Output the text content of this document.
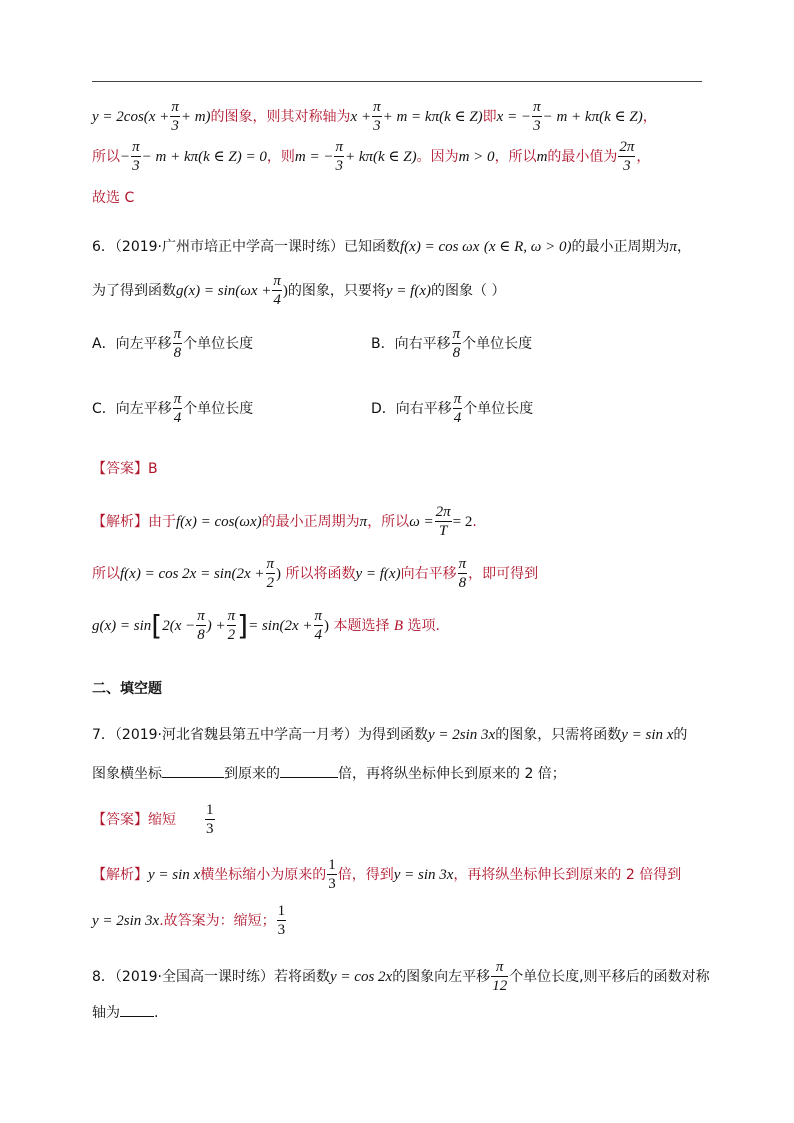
$y = 2\cos(x + \frac{\pi}{3} + m)$的图象，则其对称轴为$x + \frac{\pi}{3} + m = k\pi(k$ ∈ Z)即x = − $\frac{\pi}{3} - m + k\pi(k$ ∈ Z)，
所以− $\frac{\pi}{3} - m + k\pi(k$ ∈ Z) = 0，则m = − $\frac{\pi}{3} + k\pi(k$ ∈ Z)。因为m > 0，所以m的最小值为 $\frac{2\pi}{3}$ ，
故选 C
6．（2019·广州市培正中学高一课时练）已知函数f(x) = cos ωx (x ∈ R, ω > 0)的最小正周期为π，
为了得到函数$g(x) = \sin(\omega x + \frac{\pi}{4}$ )的图象，只要将y = f(x)的图象（ ）
A．向左平移 $\frac{\pi}{8}$ 个单位长度	B．向右平移 $\frac{\pi}{8}$ 个单位长度
C．向左平移 $\frac{\pi}{4}$ 个单位长度	D．向右平移 $\frac{\pi}{4}$ 个单位长度
【答案】B
【解析】由于f(x) = cos(ωx)的最小正周期为π，所以$\omega = \frac{2\pi}{T} = 2$.
所以$f(x) = \cos 2x = \sin(2x + \frac{\pi}{2}$ ) 所以将函数y = f(x)向右平移 $\frac{\pi}{8}$ ，即可得到
$g(x) = \sin[2(x - \frac{\pi}{8}$ ) + $\frac{\pi}{2}$ ]= $\sin(2x + \frac{\pi}{4}$ ) 本题选择 B 选项.
二、填空题
7．（2019·河北省魏县第五中学高一月考）为得到函数y = 2sin 3x的图象，只需将函数y = sin x的
图象横坐标	到原来的	倍，再将纵坐标伸长到原来的 2 倍；
【答案】缩短 $\frac{1}{3}$
【解析】y = sin x横坐标缩小为原来的 $\frac{1}{3}$ 倍，得到y = sin 3x，再将纵坐标伸长到原来的 2 倍得到
y = 2sin 3x.故答案为：缩短； $\frac{1}{3}$
8．（2019·全国高一课时练）若将函数y = cos 2x的图象向左平移 $\frac{\pi}{12}$ 个单位长度,则平移后的函数对称
轴为 .
